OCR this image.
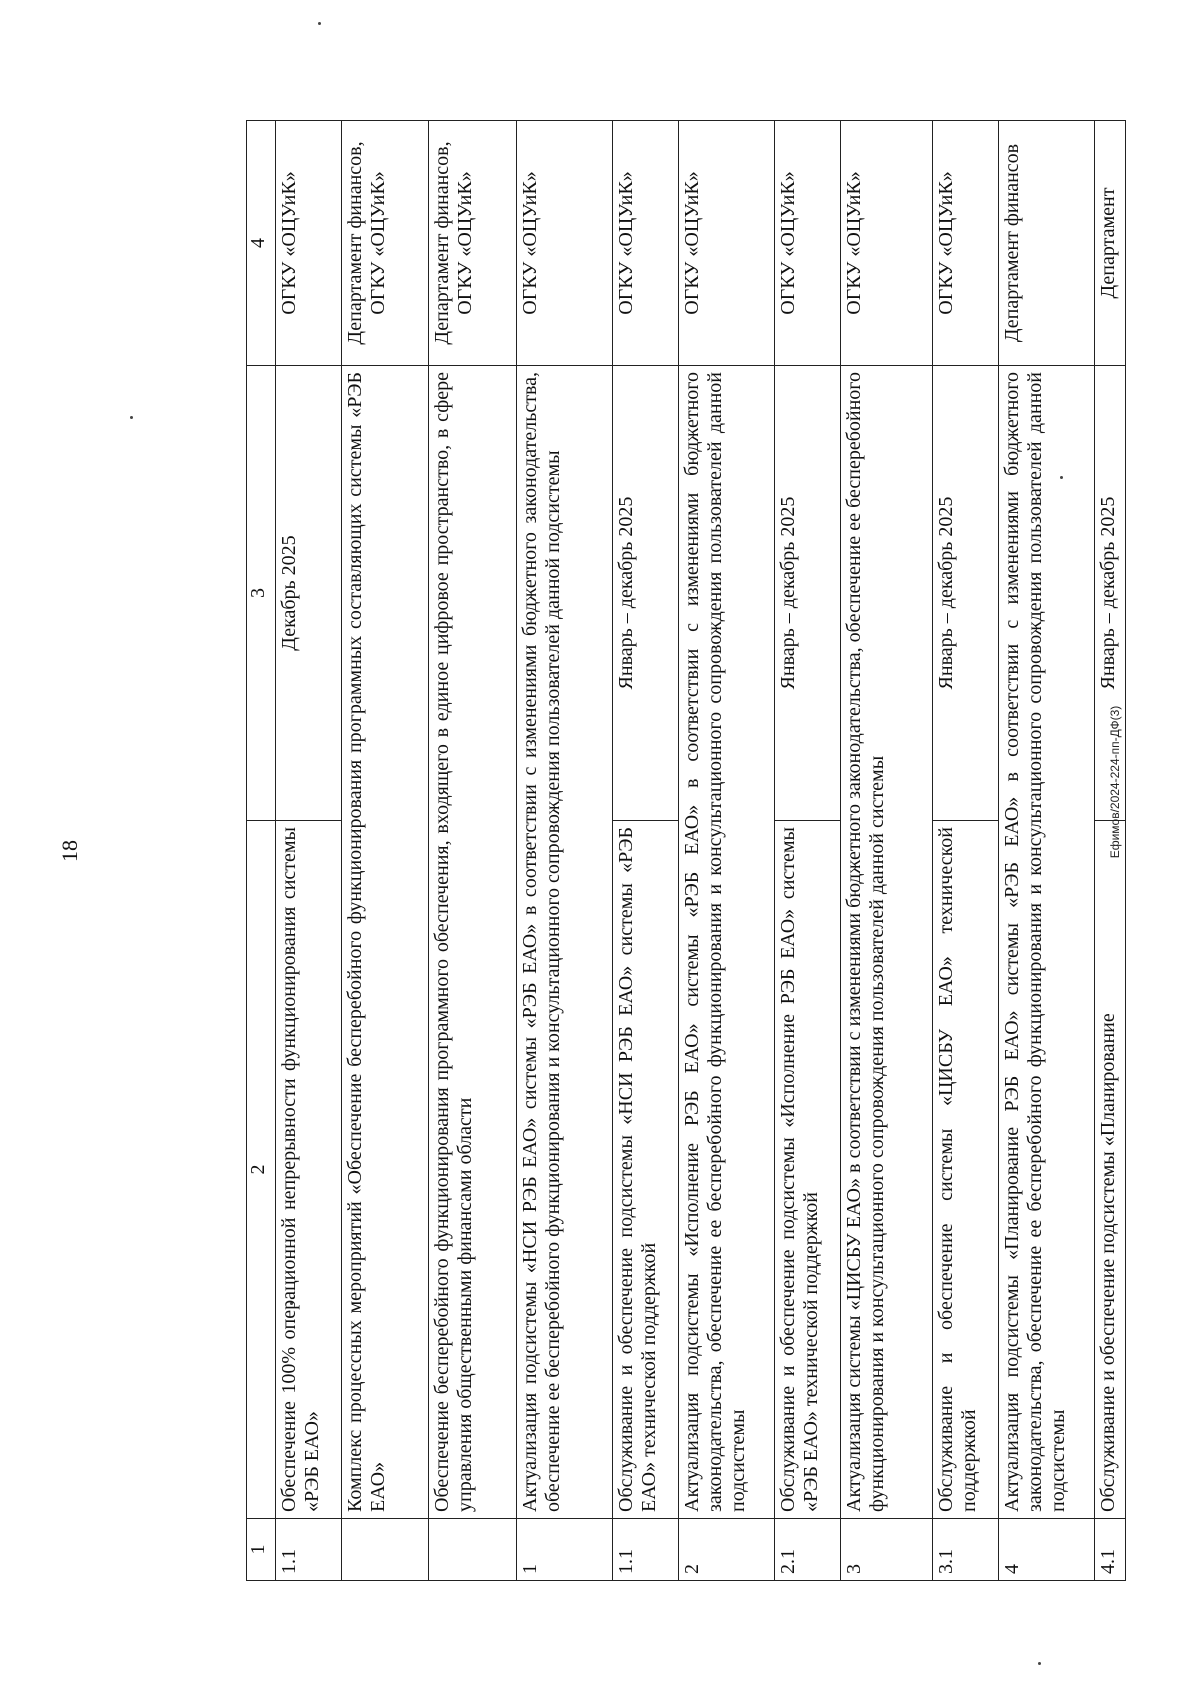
18	Ефимов/2024-224-пп-ДФ(3)
1	2	3	4
1.1	Обеспечение 100% операционной непрерывности функционирования системы «РЭБ ЕАО»	Декабрь 2025	ОГКУ «ОЦУиК»
	Комплекс процессных мероприятий «Обеспечение бесперебойного функционирования программных составляющих системы «РЭБ ЕАО»		Департамент финансов, ОГКУ «ОЦУиК»
	Обеспечение бесперебойного функционирования программного обеспечения, входящего в единое цифровое пространство, в сфере управления общественными финансами области		Департамент финансов, ОГКУ «ОЦУиК»
1	Актуализация подсистемы «НСИ РЭБ ЕАО» системы «РЭБ ЕАО» в соответствии с изменениями бюджетного законодательства, обеспечение ее бесперебойного функционирования и консультационного сопровождения пользователей данной подсистемы		ОГКУ «ОЦУиК»
1.1	Обслуживание и обеспечение подсистемы «НСИ РЭБ ЕАО» системы «РЭБ ЕАО» технической поддержкой	Январь – декабрь 2025	ОГКУ «ОЦУиК»
2	Актуализация подсистемы «Исполнение РЭБ ЕАО» системы «РЭБ ЕАО» в соответствии с изменениями бюджетного законодательства, обеспечение ее бесперебойного функционирования и консультационного сопровождения пользователей данной подсистемы		ОГКУ «ОЦУиК»
2.1	Обслуживание и обеспечение подсистемы «Исполнение РЭБ ЕАО» системы «РЭБ ЕАО» технической поддержкой	Январь – декабрь 2025	ОГКУ «ОЦУиК»
3	Актуализация системы «ЦИСБУ ЕАО» в соответствии с изменениями бюджетного законодательства, обеспечение ее бесперебойного функционирования и консультационного сопровождения пользователей данной системы		ОГКУ «ОЦУиК»
3.1	Обслуживание и обеспечение системы «ЦИСБУ ЕАО» технической поддержкой	Январь – декабрь 2025	ОГКУ «ОЦУиК»
4	Актуализация подсистемы «Планирование РЭБ ЕАО» системы «РЭБ ЕАО» в соответствии с изменениями бюджетного законодательства, обеспечение ее бесперебойного функционирования и консультационного сопровождения пользователей данной подсистемы		Департамент финансов
4.1	Обслуживание и обеспечение подсистемы «Планирование	Январь – декабрь 2025	Департамент
